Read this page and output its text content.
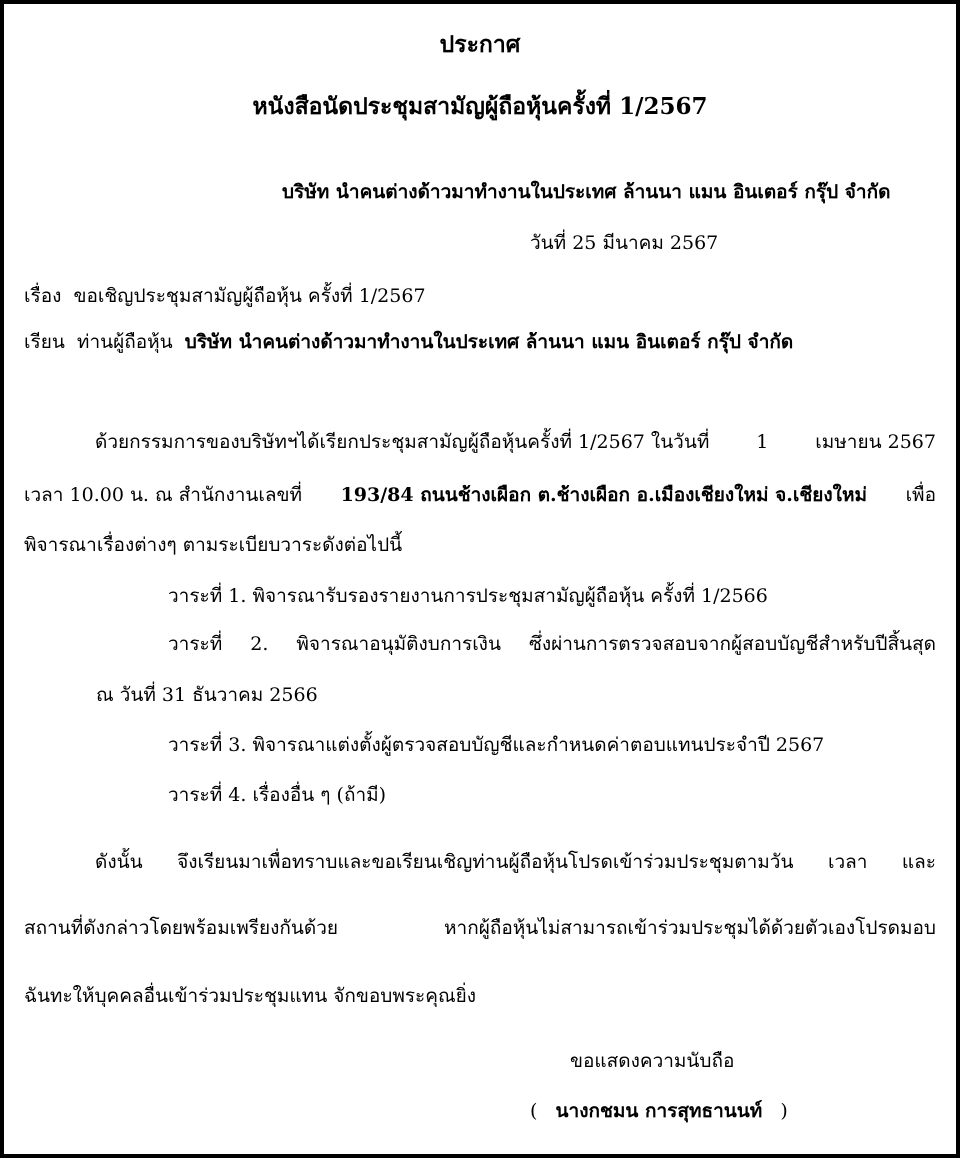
ประกาศ
หนังสือนัดประชุมสามัญผู้ถือหุ้นครั้งที่ 1/2567
บริษัท นำคนต่างด้าวมาทำงานในประเทศ ล้านนา แมน อินเตอร์ กรุ๊ป จำกัด
วันที่ 25 มีนาคม 2567
เรื่อง ขอเชิญประชุมสามัญผู้ถือหุ้น ครั้งที่ 1/2567
เรียน ท่านผู้ถือหุ้น บริษัท นำคนต่างด้าวมาทำงานในประเทศ ล้านนา แมน อินเตอร์ กรุ๊ป จำกัด
ด้วยกรรมการของบริษัทฯได้เรียกประชุมสามัญผู้ถือหุ้นครั้งที่ 1/2567 ในวันที่ 1 เมษายน 2567
เวลา 10.00 น. ณ สำนักงานเลขที่ 193/84 ถนนช้างเผือก ต.ช้างเผือก อ.เมืองเชียงใหม่ จ.เชียงใหม่ เพื่อ
พิจารณาเรื่องต่างๆ ตามระเบียบวาระดังต่อไปนี้
วาระที่ 1. พิจารณารับรองรายงานการประชุมสามัญผู้ถือหุ้น ครั้งที่ 1/2566
วาระที่ 2. พิจารณาอนุมัติงบการเงิน ซึ่งผ่านการตรวจสอบจากผู้สอบบัญชีสำหรับปีสิ้นสุด
ณ วันที่ 31 ธันวาคม 2566
วาระที่ 3. พิจารณาแต่งตั้งผู้ตรวจสอบบัญชีและกำหนดค่าตอบแทนประจำปี 2567
วาระที่ 4. เรื่องอื่น ๆ (ถ้ามี)
ดังนั้น จึงเรียนมาเพื่อทราบและขอเรียนเชิญท่านผู้ถือหุ้นโปรดเข้าร่วมประชุมตามวัน เวลา และ
สถานที่ดังกล่าวโดยพร้อมเพรียงกันด้วย หากผู้ถือหุ้นไม่สามารถเข้าร่วมประชุมได้ด้วยตัวเองโปรดมอบ
ฉันทะให้บุคคลอื่นเข้าร่วมประชุมแทน จักขอบพระคุณยิ่ง
ขอแสดงความนับถือ
( นางกชมน การสุทธานนท์ )
